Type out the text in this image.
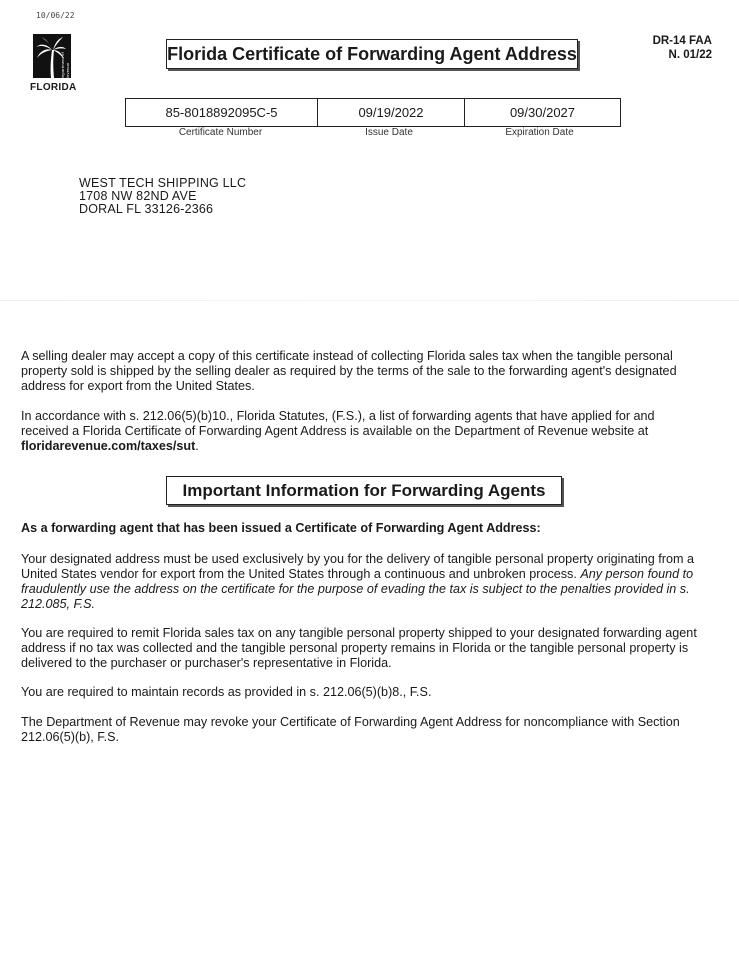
10/06/22
Department of Revenue
FLORIDA
Florida Certificate of Forwarding Agent Address
DR-14 FAA
N. 01/22
85-8018892095C-5	09/19/2022	09/30/2027
Certificate Number	Issue Date	Expiration Date
WEST TECH SHIPPING LLC
1708 NW 82ND AVE
DORAL FL 33126-2366
A selling dealer may accept a copy of this certificate instead of collecting Florida sales tax when the tangible personal property sold is shipped by the selling dealer as required by the terms of the sale to the forwarding agent's designated address for export from the United States.
In accordance with s. 212.06(5)(b)10., Florida Statutes, (F.S.), a list of forwarding agents that have applied for and received a Florida Certificate of Forwarding Agent Address is available on the Department of Revenue website at floridarevenue.com/taxes/sut.
Important Information for Forwarding Agents
As a forwarding agent that has been issued a Certificate of Forwarding Agent Address:
Your designated address must be used exclusively by you for the delivery of tangible personal property originating from a United States vendor for export from the United States through a continuous and unbroken process. Any person found to fraudulently use the address on the certificate for the purpose of evading the tax is subject to the penalties provided in s. 212.085, F.S.
You are required to remit Florida sales tax on any tangible personal property shipped to your designated forwarding agent address if no tax was collected and the tangible personal property remains in Florida or the tangible personal property is delivered to the purchaser or purchaser's representative in Florida.
You are required to maintain records as provided in s. 212.06(5)(b)8., F.S.
The Department of Revenue may revoke your Certificate of Forwarding Agent Address for noncompliance with Section 212.06(5)(b), F.S.
